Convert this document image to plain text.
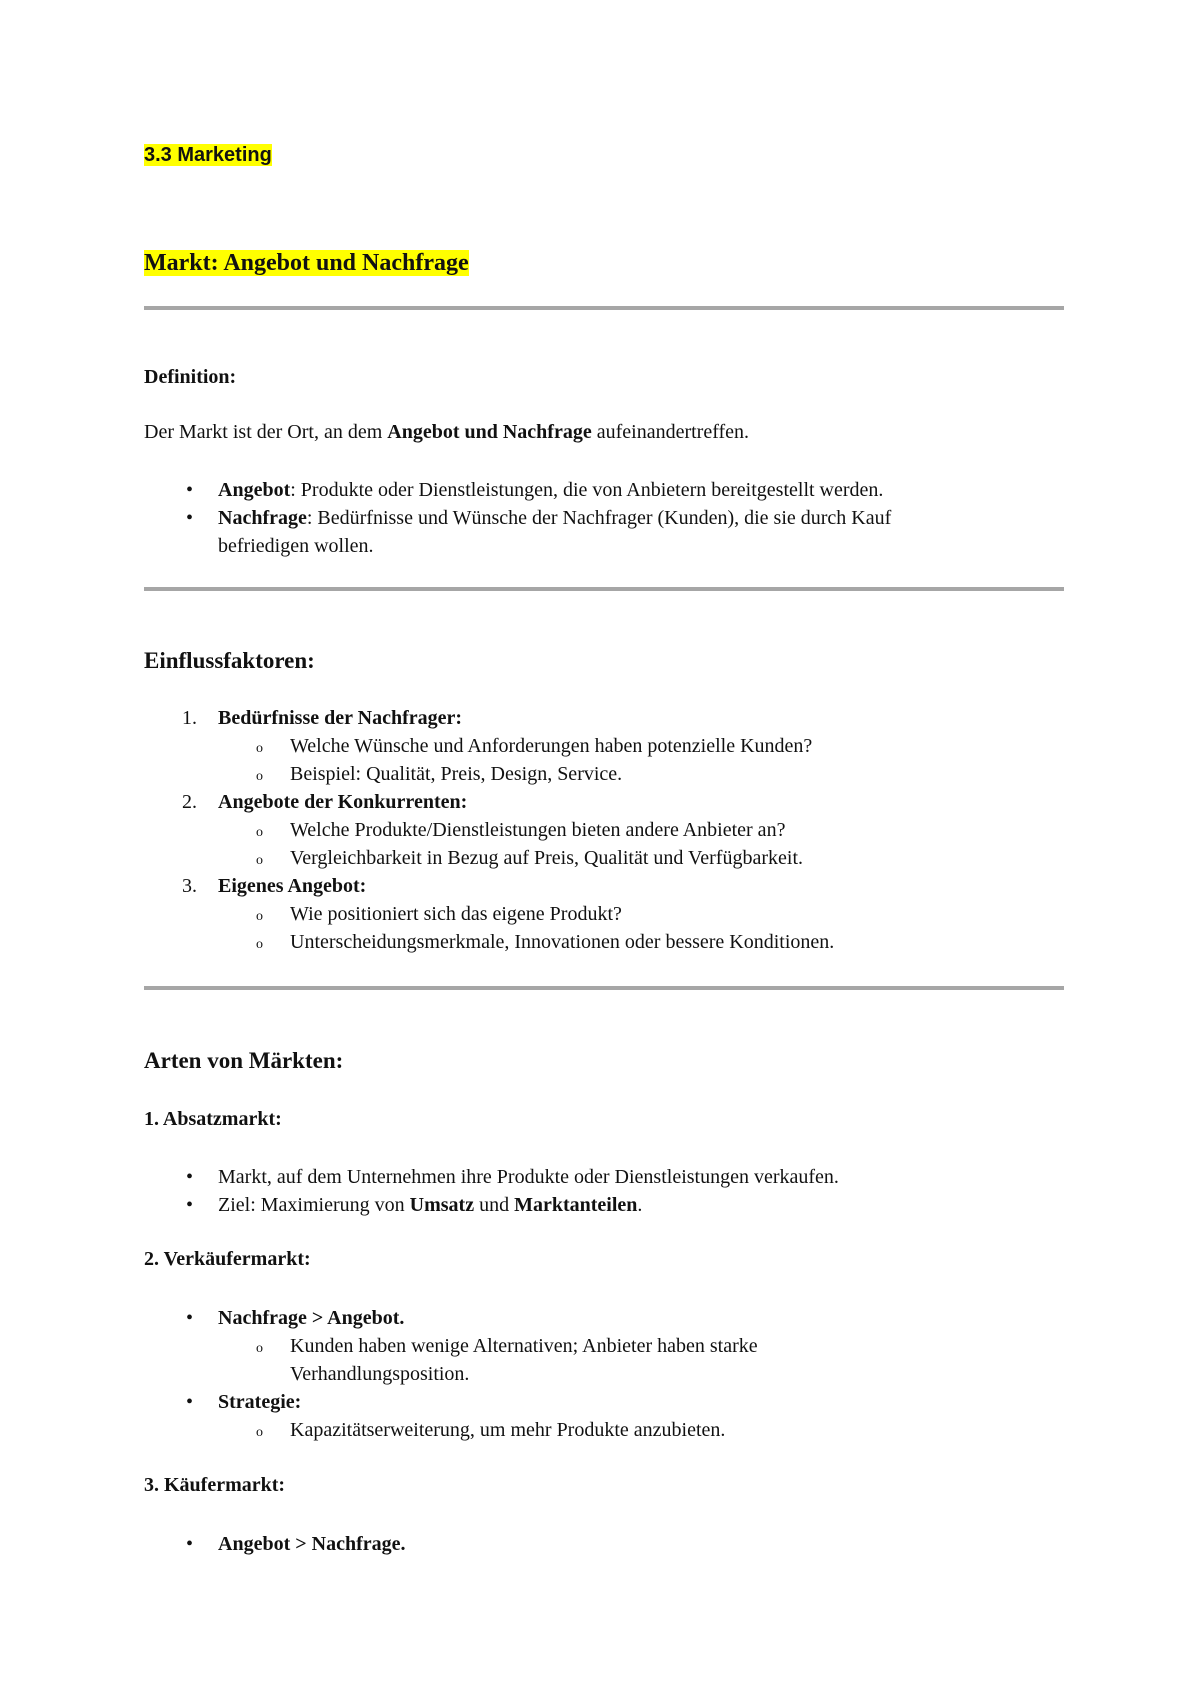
3.3 Marketing
Markt: Angebot und Nachfrage
Definition:
Der Markt ist der Ort, an dem Angebot und Nachfrage aufeinandertreffen.
• Angebot: Produkte oder Dienstleistungen, die von Anbietern bereitgestellt werden.
• Nachfrage: Bedürfnisse und Wünsche der Nachfrager (Kunden), die sie durch Kauf
befriedigen wollen.
Einflussfaktoren:
1. Bedürfnisse der Nachfrager:
o Welche Wünsche und Anforderungen haben potenzielle Kunden?
o Beispiel: Qualität, Preis, Design, Service.
2. Angebote der Konkurrenten:
o Welche Produkte/Dienstleistungen bieten andere Anbieter an?
o Vergleichbarkeit in Bezug auf Preis, Qualität und Verfügbarkeit.
3. Eigenes Angebot:
o Wie positioniert sich das eigene Produkt?
o Unterscheidungsmerkmale, Innovationen oder bessere Konditionen.
Arten von Märkten:
1. Absatzmarkt:
• Markt, auf dem Unternehmen ihre Produkte oder Dienstleistungen verkaufen.
• Ziel: Maximierung von Umsatz und Marktanteilen.
2. Verkäufermarkt:
• Nachfrage > Angebot.
o Kunden haben wenige Alternativen; Anbieter haben starke
Verhandlungsposition.
• Strategie:
o Kapazitätserweiterung, um mehr Produkte anzubieten.
3. Käufermarkt:
• Angebot > Nachfrage.
